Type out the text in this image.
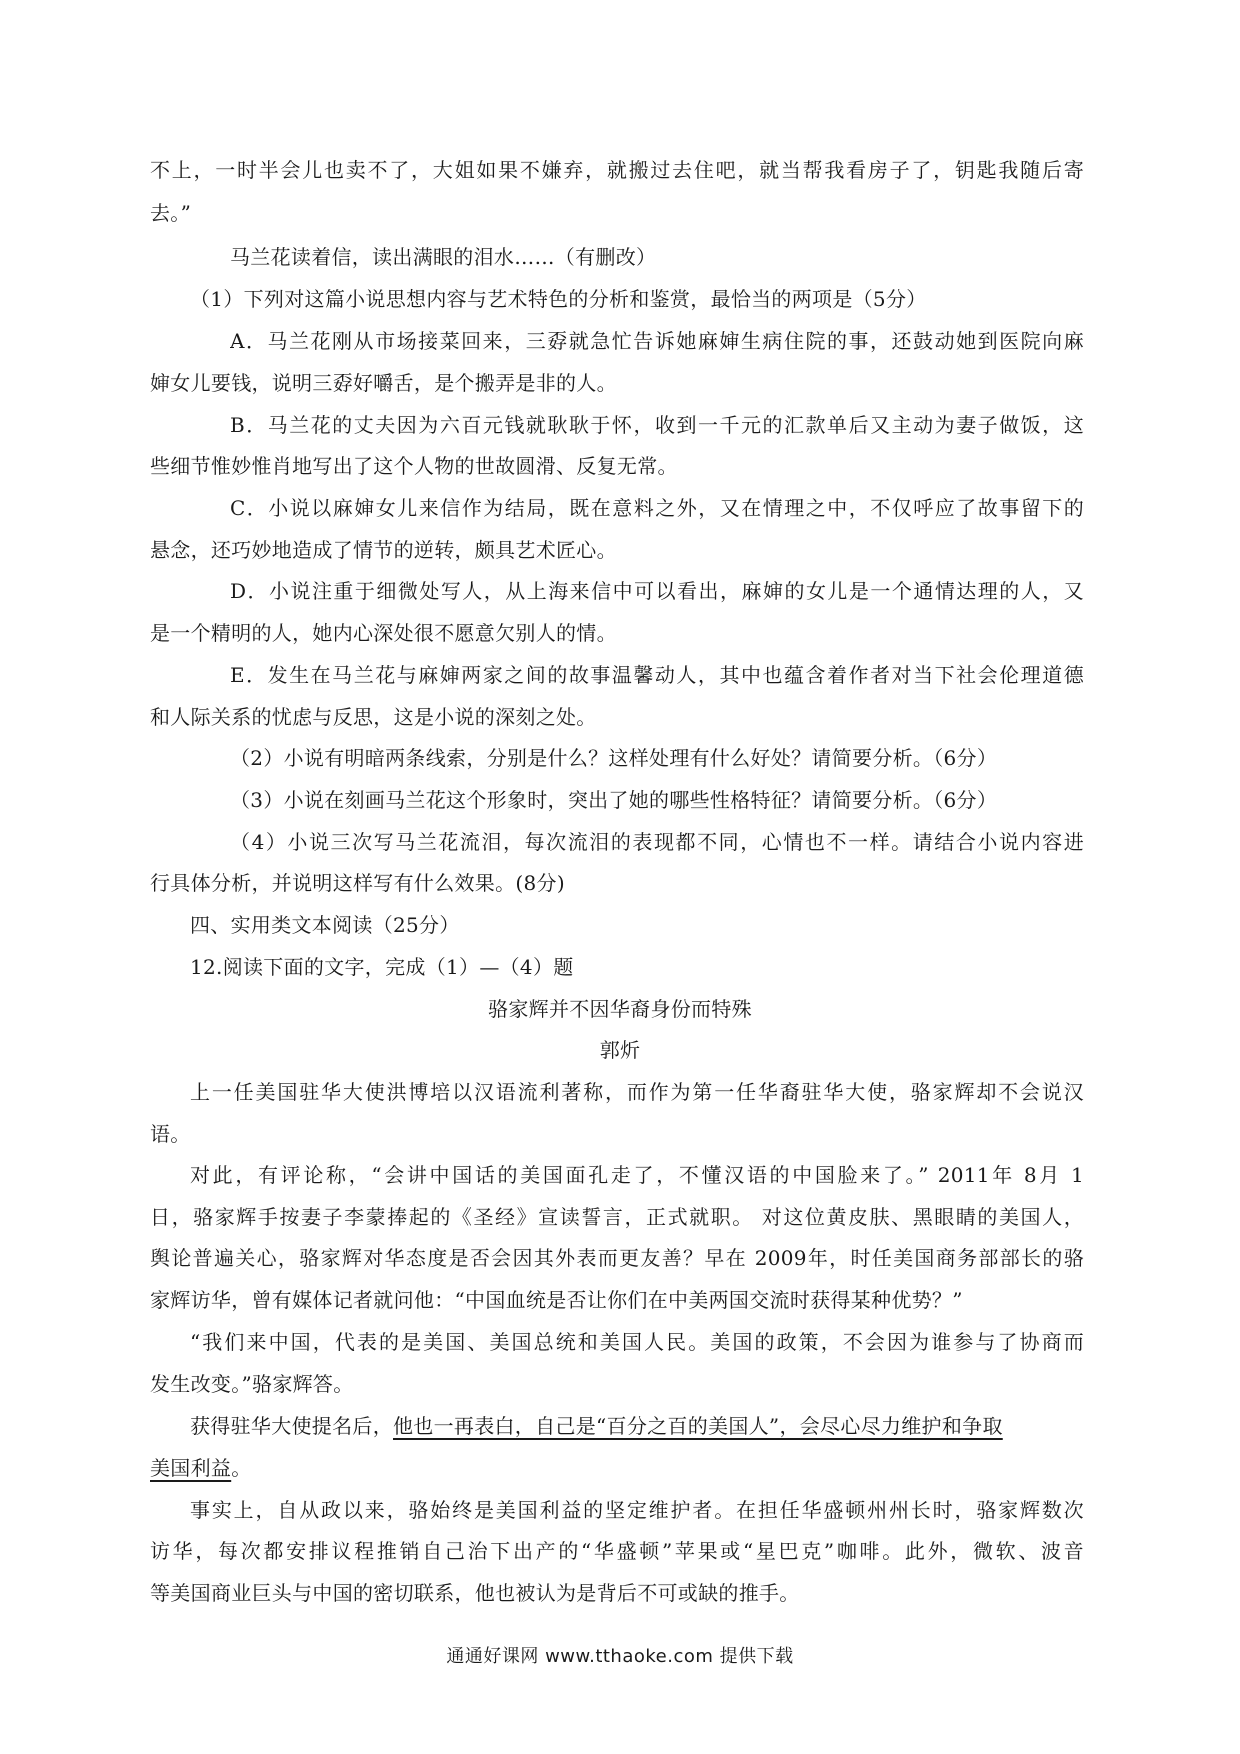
不上，一时半会儿也卖不了，大姐如果不嫌弃，就搬过去住吧，就当帮我看房子了，钥匙我随后寄
去。”
马兰花读着信，读出满眼的泪水……（有删改）
（1）下列对这篇小说思想内容与艺术特色的分析和鉴赏，最恰当的两项是（5分）
A．马兰花刚从市场接菜回来，三孬就急忙告诉她麻婶生病住院的事，还鼓动她到医院向麻
婶女儿要钱，说明三孬好嚼舌，是个搬弄是非的人。
B．马兰花的丈夫因为六百元钱就耿耿于怀，收到一千元的汇款单后又主动为妻子做饭，这
些细节惟妙惟肖地写出了这个人物的世故圆滑、反复无常。
C．小说以麻婶女儿来信作为结局，既在意料之外，又在情理之中，不仅呼应了故事留下的
悬念，还巧妙地造成了情节的逆转，颇具艺术匠心。
D．小说注重于细微处写人，从上海来信中可以看出，麻婶的女儿是一个通情达理的人，又
是一个精明的人，她内心深处很不愿意欠别人的情。
E．发生在马兰花与麻婶两家之间的故事温馨动人，其中也蕴含着作者对当下社会伦理道德
和人际关系的忧虑与反思，这是小说的深刻之处。
（2）小说有明暗两条线索，分别是什么？这样处理有什么好处？请简要分析。（6分）
（3）小说在刻画马兰花这个形象时，突出了她的哪些性格特征？请简要分析。（6分）
（4）小说三次写马兰花流泪，每次流泪的表现都不同，心情也不一样。请结合小说内容进
行具体分析，并说明这样写有什么效果。(8分)
四、实用类文本阅读（25分）
12.阅读下面的文字，完成（1）—（4）题
骆家辉并不因华裔身份而特殊
郭炘
上一任美国驻华大使洪博培以汉语流利著称，而作为第一任华裔驻华大使，骆家辉却不会说汉
语。
对此，有评论称，“会讲中国话的美国面孔走了，不懂汉语的中国脸来了。” 2011年 8月 1
日，骆家辉手按妻子李蒙捧起的《圣经》宣读誓言，正式就职。 对这位黄皮肤、黑眼睛的美国人，
舆论普遍关心，骆家辉对华态度是否会因其外表而更友善？早在 2009年，时任美国商务部部长的骆
家辉访华，曾有媒体记者就问他：“中国血统是否让你们在中美两国交流时获得某种优势？”
“我们来中国，代表的是美国、美国总统和美国人民。美国的政策，不会因为谁参与了协商而
发生改变。”骆家辉答。
获得驻华大使提名后，他也一再表白，自己是“百分之百的美国人”，会尽心尽力维护和争取
美国利益。
事实上，自从政以来，骆始终是美国利益的坚定维护者。在担任华盛顿州州长时，骆家辉数次
访华，每次都安排议程推销自己治下出产的“华盛顿”苹果或“星巴克”咖啡。此外，微软、波音
等美国商业巨头与中国的密切联系，他也被认为是背后不可或缺的推手。
通通好课网 www.tthaoke.com 提供下载
